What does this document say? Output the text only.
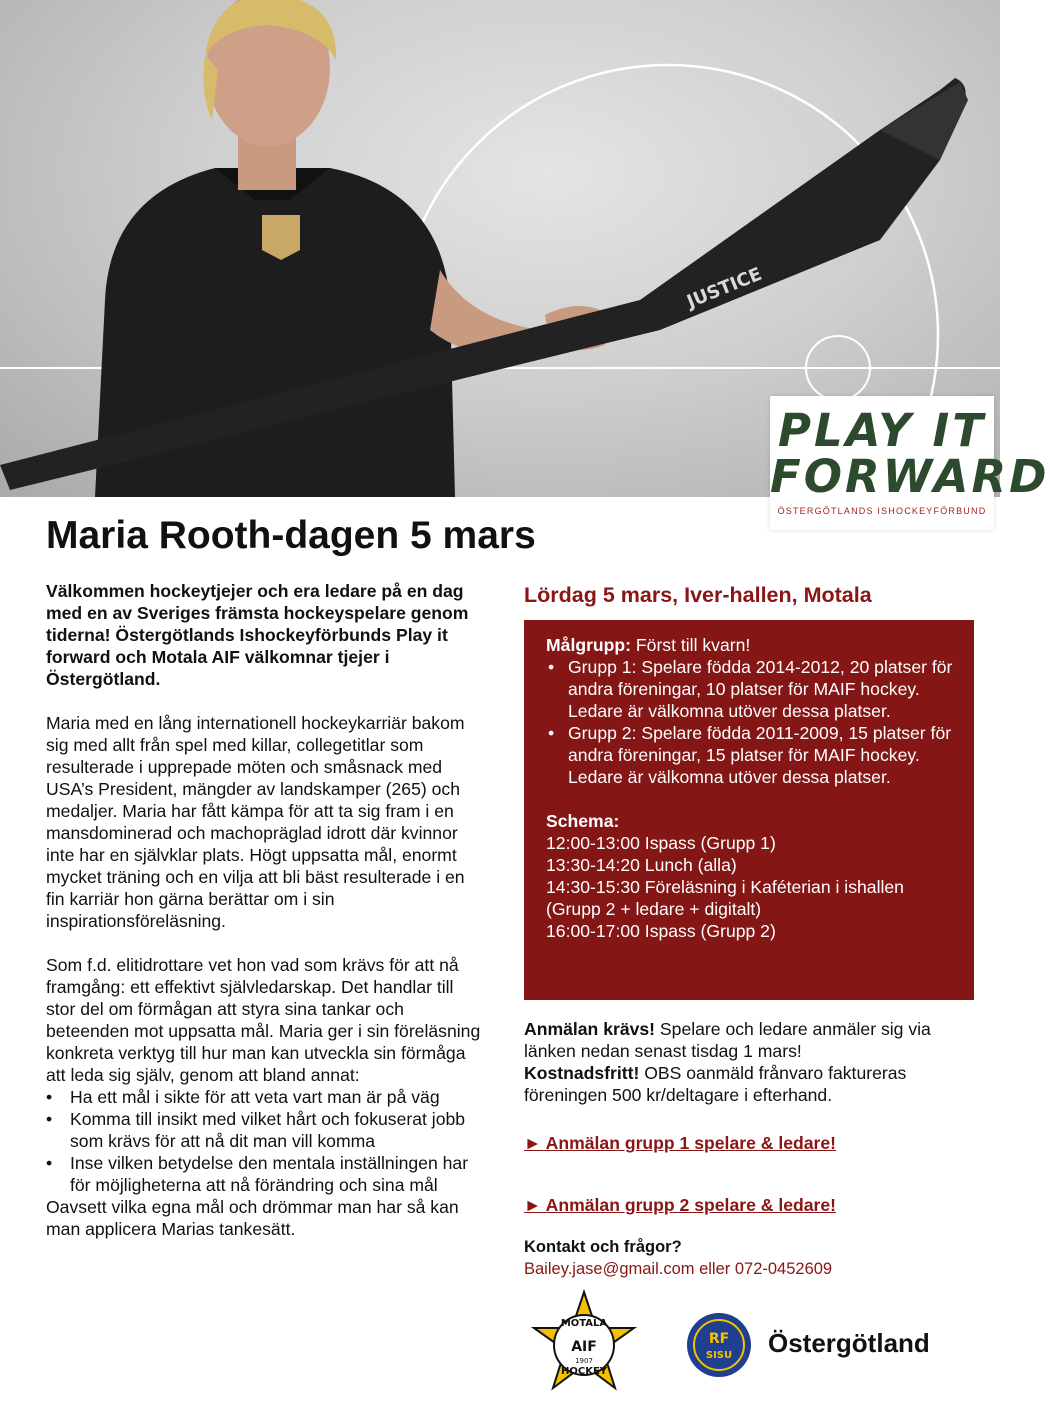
JUSTICE
PLAY IT
FORWARD
ÖSTERGÖTLANDS ISHOCKEYFÖRBUND
Maria Rooth-dagen 5 mars

Välkommen hockeytjejer och era ledare på en dag med en av Sveriges främsta hockeyspelare genom tiderna! Östergötlands Ishockeyförbunds Play it forward och Motala AIF välkomnar tjejer i Östergötland.

Maria med en lång internationell hockeykarriär bakom sig med allt från spel med killar, collegetitlar som resulterade i upprepade möten och småsnack med USA’s President, mängder av landskamper (265) och medaljer. Maria har fått kämpa för att ta sig fram i en mansdominerad och machopräglad idrott där kvinnor inte har en självklar plats. Högt uppsatta mål, enormt mycket träning och en vilja att bli bäst resulterade i en fin karriär hon gärna berättar om i sin inspirationsföreläsning.

Som f.d. elitidrottare vet hon vad som krävs för att nå framgång: ett effektivt självledarskap. Det handlar till stor del om förmågan att styra sina tankar och beteenden mot uppsatta mål. Maria ger i sin föreläsning konkreta verktyg till hur man kan utveckla sin förmåga att leda sig själv, genom att bland annat:

• Ha ett mål i sikte för att veta vart man är på väg
• Komma till insikt med vilket hårt och fokuserat jobb som krävs för att nå dit man vill komma
• Inse vilken betydelse den mentala inställningen har för möjligheterna att nå förändring och sina mål

Oavsett vilka egna mål och drömmar man har så kan man applicera Marias tankesätt.

Lördag 5 mars, Iver-hallen, Motala

Målgrupp: Först till kvarn!

• Grupp 1: Spelare födda 2014-2012, 20 platser för andra föreningar, 10 platser för MAIF hockey. Ledare är välkomna utöver dessa platser.
• Grupp 2: Spelare födda 2011-2009, 15 platser för andra föreningar, 15 platser för MAIF hockey. Ledare är välkomna utöver dessa platser.

Schema:

12:00-13:00 Ispass (Grupp 1)

13:30-14:20 Lunch (alla)

14:30-15:30 Föreläsning i Kaféterian i ishallen (Grupp 2 + ledare + digitalt)

16:00-17:00 Ispass (Grupp 2)

Anmälan krävs! Spelare och ledare anmäler sig via länken nedan senast tisdag 1 mars!

Kostnadsfritt! OBS oanmäld frånvaro faktureras föreningen 500 kr/deltagare i efterhand.

► Anmälan grupp 1 spelare & ledare!
► Anmälan grupp 2 spelare & ledare!
Kontakt och frågor?
Bailey.jase@gmail.com eller 072-0452609
MOTALA
AIF
1907
HOCKEY
RF
SISU Östergötland
